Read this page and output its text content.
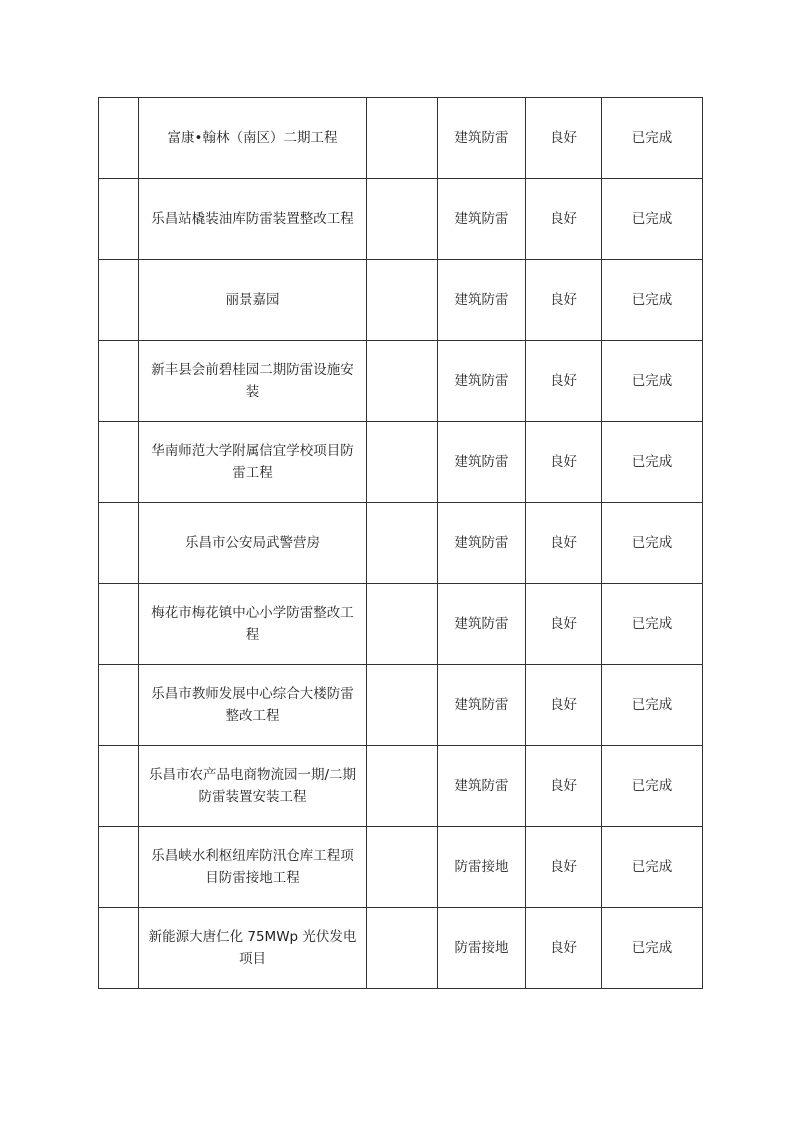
	富康•翰林（南区）二期工程		建筑防雷	良好	已完成
	乐昌站橇装油库防雷装置整改工程		建筑防雷	良好	已完成
	丽景嘉园		建筑防雷	良好	已完成
	新丰县会前碧桂园二期防雷设施安装		建筑防雷	良好	已完成
	华南师范大学附属信宜学校项目防雷工程		建筑防雷	良好	已完成
	乐昌市公安局武警营房		建筑防雷	良好	已完成
	梅花市梅花镇中心小学防雷整改工程		建筑防雷	良好	已完成
	乐昌市教师发展中心综合大楼防雷整改工程		建筑防雷	良好	已完成
	乐昌市农产品电商物流园一期/二期防雷装置安装工程		建筑防雷	良好	已完成
	乐昌峡水利枢纽库防汛仓库工程项目防雷接地工程		防雷接地	良好	已完成
	新能源大唐仁化 75MWp 光伏发电项目		防雷接地	良好	已完成
